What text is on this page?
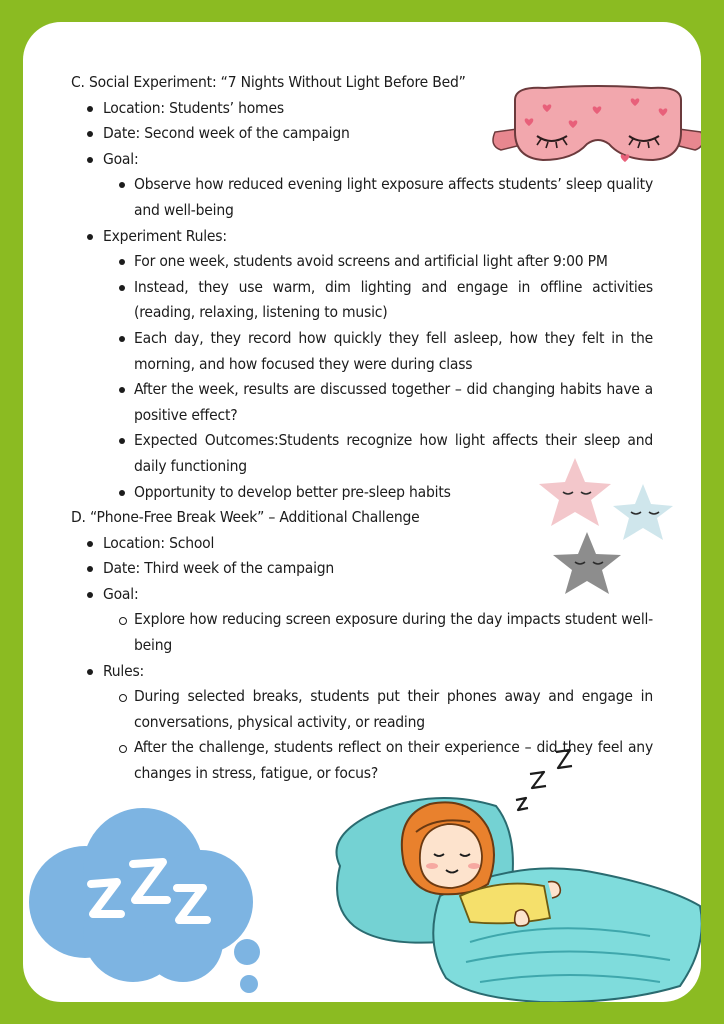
C. Social Experiment: “7 Nights Without Light Before Bed”
Location: Students’ homes
Date: Second week of the campaign
Goal:
Observe how reduced evening light exposure affects students’ sleep quality and well-being
Experiment Rules:
For one week, students avoid screens and artificial light after 9:00 PM
Instead, they use warm, dim lighting and engage in offline activities (reading, relaxing, listening to music)
Each day, they record how quickly they fell asleep, how they felt in the morning, and how focused they were during class
After the week, results are discussed together – did changing habits have a positive effect?
Expected Outcomes:Students recognize how light affects their sleep and daily functioning
Opportunity to develop better pre-sleep habits
D. “Phone-Free Break Week” – Additional Challenge
Location: School
Date: Third week of the campaign
Goal:
Explore how reducing screen exposure during the day impacts student well-being
Rules:
During selected breaks, students put their phones away and engage in conversations, physical activity, or reading
After the challenge, students reflect on their experience – did they feel any changes in stress, fatigue, or focus?
